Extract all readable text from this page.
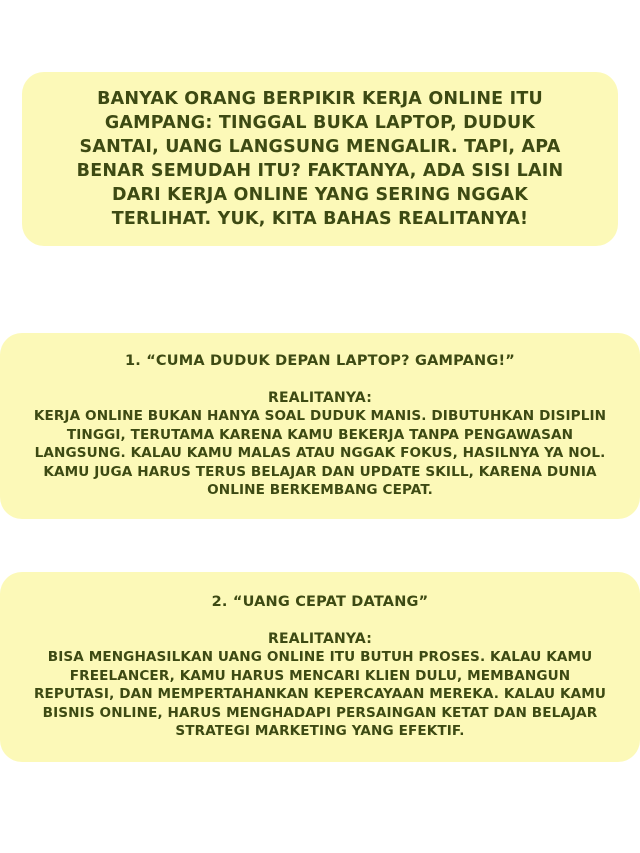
BANYAK ORANG BERPIKIR KERJA ONLINE ITU GAMPANG: TINGGAL BUKA LAPTOP, DUDUK SANTAI, UANG LANGSUNG MENGALIR. TAPI, APA BENAR SEMUDAH ITU? FAKTANYA, ADA SISI LAIN DARI KERJA ONLINE YANG SERING NGGAK TERLIHAT. YUK, KITA BAHAS REALITANYA!
1. “CUMA DUDUK DEPAN LAPTOP? GAMPANG!”
REALITANYA:
KERJA ONLINE BUKAN HANYA SOAL DUDUK MANIS. DIBUTUHKAN DISIPLIN TINGGI, TERUTAMA KARENA KAMU BEKERJA TANPA PENGAWASAN LANGSUNG. KALAU KAMU MALAS ATAU NGGAK FOKUS, HASILNYA YA NOL. KAMU JUGA HARUS TERUS BELAJAR DAN UPDATE SKILL, KARENA DUNIA ONLINE BERKEMBANG CEPAT.
2. “UANG CEPAT DATANG”
REALITANYA:
BISA MENGHASILKAN UANG ONLINE ITU BUTUH PROSES. KALAU KAMU FREELANCER, KAMU HARUS MENCARI KLIEN DULU, MEMBANGUN REPUTASI, DAN MEMPERTAHANKAN KEPERCAYAAN MEREKA. KALAU KAMU BISNIS ONLINE, HARUS MENGHADAPI PERSAINGAN KETAT DAN BELAJAR STRATEGI MARKETING YANG EFEKTIF.
